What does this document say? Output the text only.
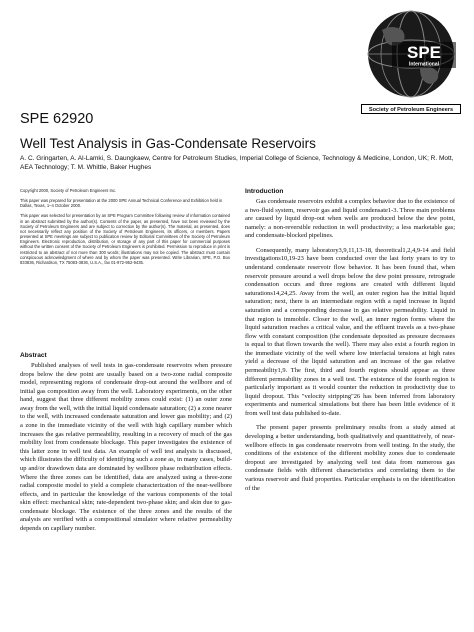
SPE
International
Society of Petroleum Engineers
SPE 62920
Well Test Analysis in Gas-Condensate Reservoirs
A. C. Gringarten, A. Al-Lamki, S. Daungkaew, Centre for Petroleum Studies, Imperial College of Science, Technology & Medicine, London, UK; R. Mott, AEA Technology; T. M. Whittle, Baker Hughes

Copyright 2000, Society of Petroleum Engineers Inc.

This paper was prepared for presentation at the 2000 SPE Annual Technical Conference and Exhibition held in Dallas, Texas, 1–4 October 2000.

This paper was selected for presentation by an SPE Program Committee following review of information contained in an abstract submitted by the author(s). Contents of the paper, as presented, have not been reviewed by the Society of Petroleum Engineers and are subject to correction by the author(s). The material, as presented, does not necessarily reflect any position of the Society of Petroleum Engineers, its officers, or members. Papers presented at SPE meetings are subject to publication review by Editorial Committees of the Society of Petroleum Engineers. Electronic reproduction, distribution, or storage of any part of this paper for commercial purposes without the written consent of the Society of Petroleum Engineers is prohibited. Permission to reproduce in print is restricted to an abstract of not more than 300 words; illustrations may not be copied. The abstract must contain conspicuous acknowledgment of where and by whom the paper was presented. Write Librarian, SPE, P.O. Box 833836, Richardson, TX 75083-3836, U.S.A., fax 01-972-952-9435.

Abstract

Published analyses of well tests in gas-condensate reservoirs when pressure drops below the dew point are usually based on a two-zone radial composite model, representing regions of condensate drop-out around the wellbore and of initial gas composition away from the well. Laboratory experiments, on the other hand, suggest that three different mobility zones could exist: (1) an outer zone away from the well, with the initial liquid condensate saturation; (2) a zone nearer to the well, with increased condensate saturation and lower gas mobility; and (2) a zone in the immediate vicinity of the well with high capillary number which increases the gas relative permeability, resulting in a recovery of much of the gas mobility lost from condensate blockage. This paper investigates the existence of this latter zone in well test data. An example of well test analysis is discussed, which illustrates the difficulty of identifying such a zone as, in many cases, build-up and/or drawdown data are dominated by wellbore phase redistribution effects. Where the three zones can be identified, data are analyzed using a three-zone radial composite model to yield a complete characterization of the near-wellbore effects, and in particular the knowledge of the various components of the total skin effect: mechanical skin; rate-dependent two-phase skin; and skin due to gas-condensate blockage. The existence of the three zones and the results of the analysis are verified with a compositional simulator where relative permeability depends on capillary number.

Introduction

Gas condensate reservoirs exhibit a complex behavior due to the existence of a two-fluid system, reservoir gas and liquid condensate1-3. Three main problems are caused by liquid drop-out when wells are produced below the dew point, namely: a non-reversible reduction in well productivity; a less marketable gas; and condensate-blocked pipelines.

Consequently, many laboratory3,9,11,13-18, theoretical1,2,4,9-14 and field investigations10,19-23 have been conducted over the last forty years to try to understand condensate reservoir flow behavior. It has been found that, when reservoir pressure around a well drops below the dew point pressure, retrograde condensation occurs and three regions are created with different liquid saturations14,24,25. Away from the well, an outer region has the initial liquid saturation; next, there is an intermediate region with a rapid increase in liquid saturation and a corresponding decrease in gas relative permeability. Liquid in that region is immobile. Closer to the well, an inner region forms where the liquid saturation reaches a critical value, and the effluent travels as a two-phase flow with constant composition (the condensate deposited as pressure decreases is equal to that flown towards the well). There may also exist a fourth region in the immediate vicinity of the well where low interfacial tensions at high rates yield a decrease of the liquid saturation and an increase of the gas relative permeability1,9. The first, third and fourth regions should appear as three different permeability zones in a well test. The existence of the fourth region is particularly important as it would counter the reduction in productivity due to liquid dropout. This "velocity stripping"26 has been inferred from laboratory experiments and numerical simulations but there has been little evidence of it from well test data published to-date.

The present paper presents preliminary results from a study aimed at developing a better understanding, both qualitatively and quantitatively, of near-wellbore effects in gas condensate reservoirs from well testing. In the study, the conditions of the existence of the different mobility zones due to condensate dropout are investigated by analyzing well test data from numerous gas condensate fields with different characteristics and correlating them to the various reservoir and fluid properties. Particular emphasis is on the identification of the
